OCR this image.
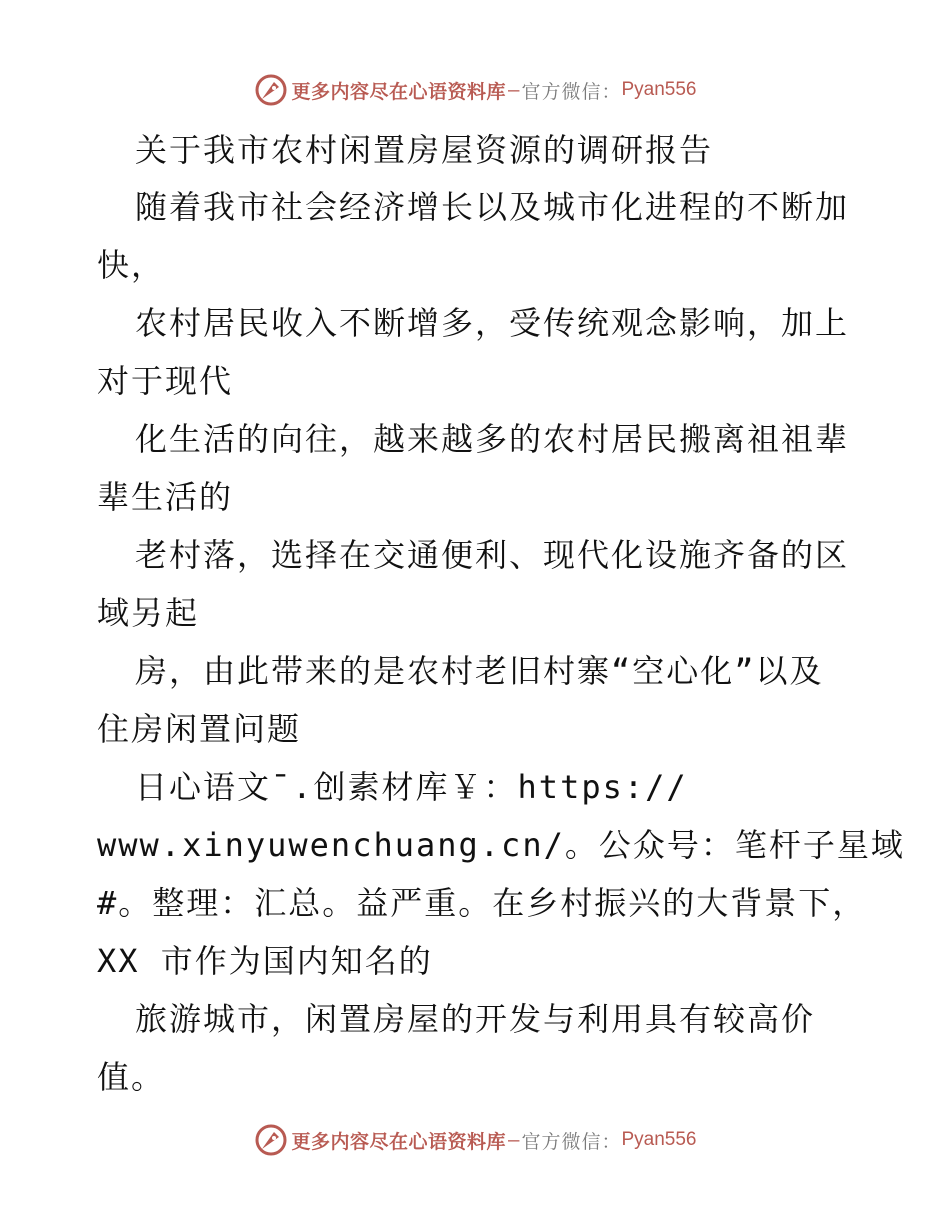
更多内容尽在心语资料库 — 官方微信： Pyan556
关于我市农村闲置房屋资源的调研报告
随着我市社会经济增长以及城市化进程的不断加
快，
农村居民收入不断增多，受传统观念影响，加上
对于现代
化生活的向往，越来越多的农村居民搬离祖祖辈
辈生活的
老村落，选择在交通便利、现代化设施齐备的区
域另起
房，由此带来的是农村老旧村寨“空心化”以及
住房闲置问题
日心语文¯.创素材库￥：https://
www.xinyuwenchuang.cn/。公众号：笔杆子星域
#。整理：汇总。益严重。在乡村振兴的大背景下，
XX 市作为国内知名的
旅游城市，闲置房屋的开发与利用具有较高价
值。
更多内容尽在心语资料库 — 官方微信： Pyan556
